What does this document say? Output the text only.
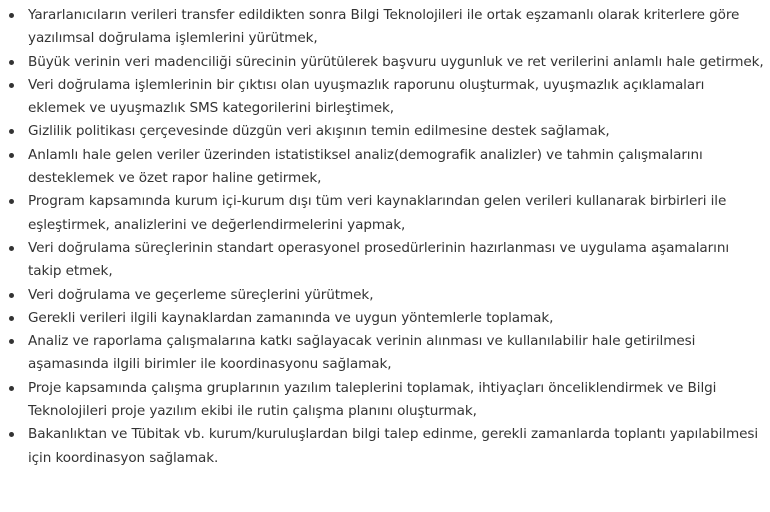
Yararlanıcıların verileri transfer edildikten sonra Bilgi Teknolojileri ile ortak eşzamanlı olarak kriterlere göre yazılımsal doğrulama işlemlerini yürütmek,
Büyük verinin veri madenciliği sürecinin yürütülerek başvuru uygunluk ve ret verilerini anlamlı hale getirmek,
Veri doğrulama işlemlerinin bir çıktısı olan uyuşmazlık raporunu oluşturmak, uyuşmazlık açıklamaları eklemek ve uyuşmazlık SMS kategorilerini birleştimek,
Gizlilik politikası çerçevesinde düzgün veri akışının temin edilmesine destek sağlamak,
Anlamlı hale gelen veriler üzerinden istatistiksel analiz(demografik analizler) ve tahmin çalışmalarını desteklemek ve özet rapor haline getirmek,
Program kapsamında kurum içi-kurum dışı tüm veri kaynaklarından gelen verileri kullanarak birbirleri ile eşleştirmek, analizlerini ve değerlendirmelerini yapmak,
Veri doğrulama süreçlerinin standart operasyonel prosedürlerinin hazırlanması ve uygulama aşamalarını takip etmek,
Veri doğrulama ve geçerleme süreçlerini yürütmek,
Gerekli verileri ilgili kaynaklardan zamanında ve uygun yöntemlerle toplamak,
Analiz ve raporlama çalışmalarına katkı sağlayacak verinin alınması ve kullanılabilir hale getirilmesi aşamasında ilgili birimler ile koordinasyonu sağlamak,
Proje kapsamında çalışma gruplarının yazılım taleplerini toplamak, ihtiyaçları önceliklendirmek ve Bilgi Teknolojileri proje yazılım ekibi ile rutin çalışma planını oluşturmak,
Bakanlıktan ve Tübitak vb. kurum/kuruluşlardan bilgi talep edinme, gerekli zamanlarda toplantı yapılabilmesi için koordinasyon sağlamak.
